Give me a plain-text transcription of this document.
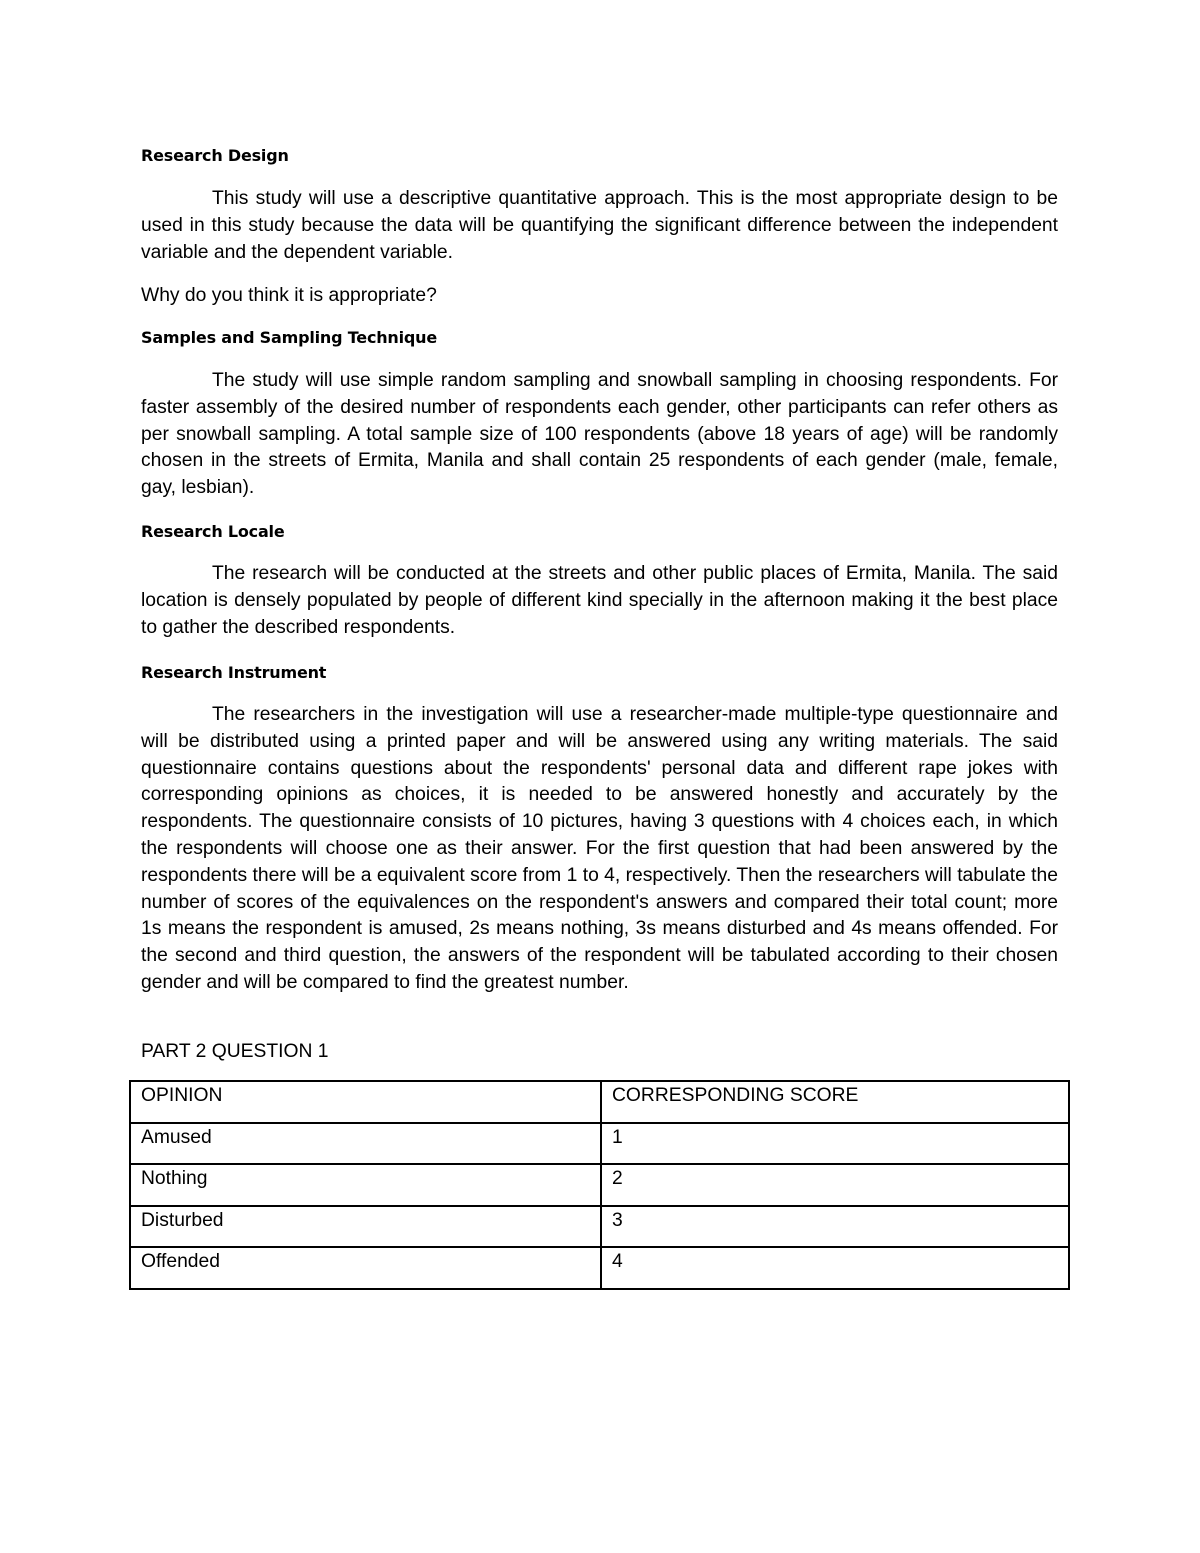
Research Design

This study will use a descriptive quantitative approach. This is the most appropriate design to be used in this study because the data will be quantifying the significant difference between the independent variable and the dependent variable.

Why do you think it is appropriate?

Samples and Sampling Technique

The study will use simple random sampling and snowball sampling in choosing respondents. For faster assembly of the desired number of respondents each gender, other participants can refer others as per snowball sampling. A total sample size of 100 respondents (above 18 years of age) will be randomly chosen in the streets of Ermita, Manila and shall contain 25 respondents of each gender (male, female, gay, lesbian).

Research Locale

The research will be conducted at the streets and other public places of Ermita, Manila. The said location is densely populated by people of different kind specially in the afternoon making it the best place to gather the described respondents.

Research Instrument

The researchers in the investigation will use a researcher-made multiple-type questionnaire and will be distributed using a printed paper and will be answered using any writing materials. The said questionnaire contains questions about the respondents' personal data and different rape jokes with corresponding opinions as choices, it is needed to be answered honestly and accurately by the respondents. The questionnaire consists of 10 pictures, having 3 questions with 4 choices each, in which the respondents will choose one as their answer. For the first question that had been answered by the respondents there will be a equivalent score from 1 to 4, respectively. Then the researchers will tabulate the number of scores of the equivalences on the respondent's answers and compared their total count; more 1s means the respondent is amused, 2s means nothing, 3s means disturbed and 4s means offended. For the second and third question, the answers of the respondent will be tabulated according to their chosen gender and will be compared to find the greatest number.

PART 2 QUESTION 1

OPINION	CORRESPONDING SCORE
Amused	1
Nothing	2
Disturbed	3
Offended	4
